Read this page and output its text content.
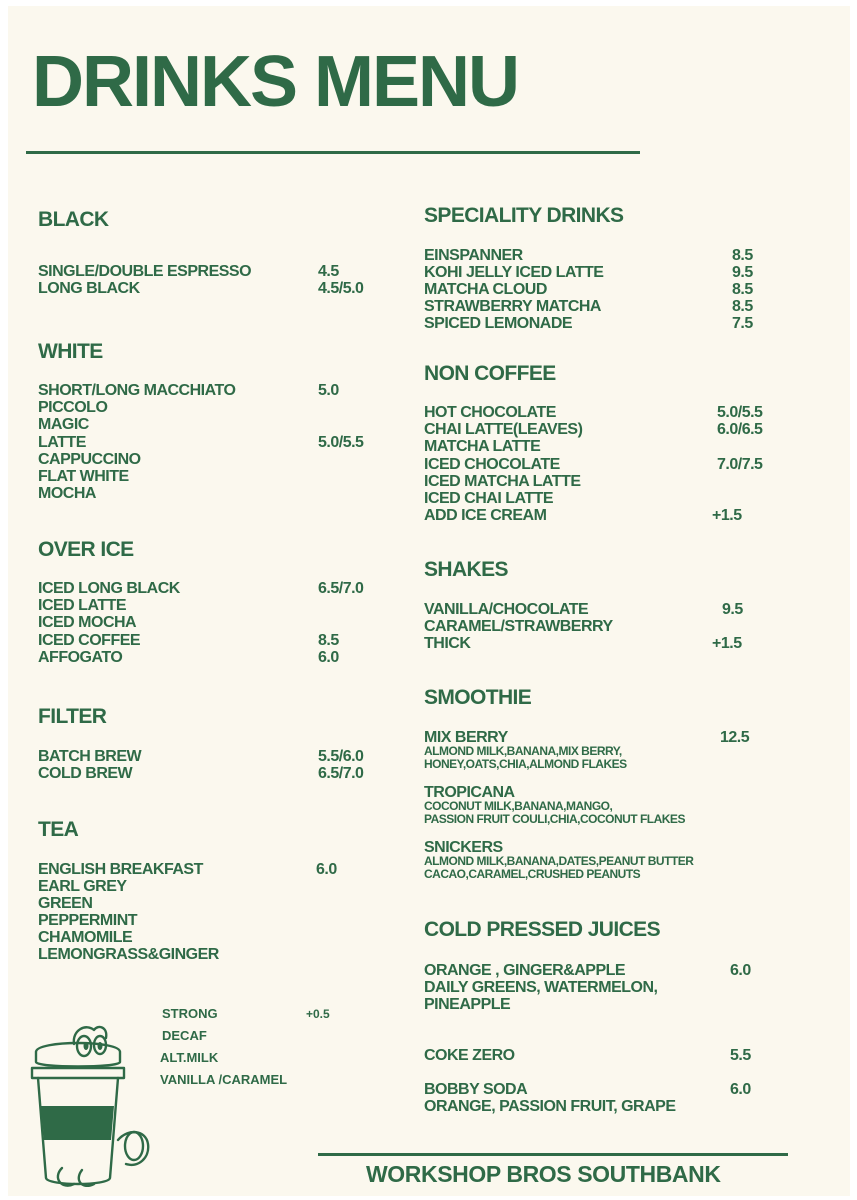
DRINKS MENU
BLACK
SINGLE/DOUBLE ESPRESSO	4.5
LONG BLACK	4.5/5.0
WHITE
SHORT/LONG MACCHIATO	5.0
PICCOLO
MAGIC
LATTE	5.0/5.5
CAPPUCCINO
FLAT WHITE
MOCHA
OVER ICE
ICED LONG BLACK	6.5/7.0
ICED LATTE
ICED MOCHA
ICED COFFEE	8.5
AFFOGATO	6.0
FILTER
BATCH BREW	5.5/6.0
COLD BREW	6.5/7.0
TEA
ENGLISH BREAKFAST	6.0
EARL GREY
GREEN
PEPPERMINT
CHAMOMILE
LEMONGRASS&GINGER
STRONG	+0.5
DECAF
ALT.MILK
VANILLA /CARAMEL
SPECIALITY DRINKS
EINSPANNER	8.5
KOHI JELLY ICED LATTE	9.5
MATCHA CLOUD	8.5
STRAWBERRY MATCHA	8.5
SPICED LEMONADE	7.5
NON COFFEE
HOT CHOCOLATE	5.0/5.5
CHAI LATTE(LEAVES)	6.0/6.5
MATCHA LATTE
ICED CHOCOLATE	7.0/7.5
ICED MATCHA LATTE
ICED CHAI LATTE
ADD ICE CREAM	+1.5
SHAKES
VANILLA/CHOCOLATE	9.5
CARAMEL/STRAWBERRY
THICK	+1.5
SMOOTHIE
MIX BERRY	12.5
ALMOND MILK,BANANA,MIX BERRY,
HONEY,OATS,CHIA,ALMOND FLAKES
TROPICANA
COCONUT MILK,BANANA,MANGO,
PASSION FRUIT COULI,CHIA,COCONUT FLAKES
SNICKERS
ALMOND MILK,BANANA,DATES,PEANUT BUTTER
CACAO,CARAMEL,CRUSHED PEANUTS
COLD PRESSED JUICES
ORANGE , GINGER&APPLE	6.0
DAILY GREENS, WATERMELON,
PINEAPPLE
COKE ZERO	5.5
BOBBY SODA	6.0
ORANGE, PASSION FRUIT, GRAPE
WORKSHOP BROS SOUTHBANK
